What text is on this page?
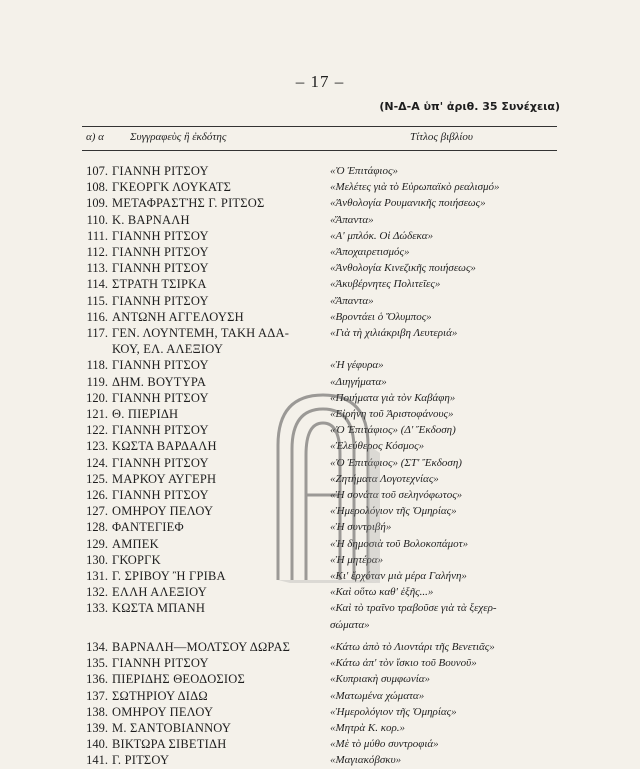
– 17 –
(N-Δ-A ὑπ' ἀριθ. 35 Συνέχεια)
α) α Συγγραφεὺς ἢ ἐκδότης	Τίτλος βιβλίου
107. ΓΙΑΝΝΗ ΡΙΤΣΟΥ	«Ὁ Ἐπιτάφιος»
108. ΓΚΕΟΡΓΚ ΛΟΥΚΑΤΣ	«Μελέτες γιὰ τὸ Εὐρωπαϊκὸ ρεαλισμό»
109. ΜΕΤΑΦΡΑΣΤῊΣ Γ. ΡΙΤΣΟΣ	«Ἀνθολογία Ρουμανικῆς ποιήσεως»
110. Κ. ΒΑΡΝΑΛΗ	«Ἅπαντα»
111. ΓΙΑΝΝΗ ΡΙΤΣΟΥ	«Α' μπλόκ. Οἱ Δώδεκα»
112. ΓΙΑΝΝΗ ΡΙΤΣΟΥ	«Ἀποχαιρετισμός»
113. ΓΙΑΝΝΗ ΡΙΤΣΟΥ	«Ἀνθολογία Κινεζικῆς ποιήσεως»
114. ΣΤΡΑΤΗ ΤΣΙΡΚΑ	«Ἀκυβέρνητες Πολιτεῖες»
115. ΓΙΑΝΝΗ ΡΙΤΣΟΥ	«Ἅπαντα»
116. ΑΝΤΩΝΗ ΑΓΓΕΛΟΥΣΗ	«Βροντάει ὁ Ὄλυμπος»
117. ΓΕΝ. ΛΟΥΝΤΕΜΗ, ΤΑΚΗ ΑΔΑ-	«Γιὰ τὴ χιλιάκριβη Λευτεριά»
ΚΟΥ, ΕΛ. ΑΛΕΞΙΟΥ
118. ΓΙΑΝΝΗ ΡΙΤΣΟΥ	«Ἡ γέφυρα»
119. ΔΗΜ. ΒΟΥΤΥΡΑ	«Διηγήματα»
120. ΓΙΑΝΝΗ ΡΙΤΣΟΥ	«Ποιήματα γιὰ τὸν Καβάφη»
121. Θ. ΠΙΕΡΙΔΗ	«Εἰρήνη τοῦ Ἀριστοφάνους»
122. ΓΙΑΝΝΗ ΡΙΤΣΟΥ	«Ὁ Ἐπιτάφιος» (Δ' Ἔκδοση)
123. ΚΩΣΤΑ ΒΑΡΔΑΛΗ	«Ἐλεύθερος Κόσμος»
124. ΓΙΑΝΝΗ ΡΙΤΣΟΥ	«Ὁ Ἐπιτάφιος» (ΣΤ' Ἔκδοση)
125. ΜΑΡΚΟΥ ΑΥΓΕΡΗ	«Ζητήματα Λογοτεχνίας»
126. ΓΙΑΝΝΗ ΡΙΤΣΟΥ	«Ἡ σονάτα τοῦ σεληνόφωτος»
127. ΟΜΗΡΟΥ ΠΕΛΟΥ	«Ἡμερολόγιον τῆς Ὀμηρίας»
128. ΦΑΝΤΕΓΙΕΦ	«Ἡ συντριβή»
129. ΑΜΠΕΚ	«Ἡ δημοσιὰ τοῦ Βολοκοπάμοτ»
130. ΓΚΟΡΓΚ	«Ἡ μητέρα»
131. Γ. ΣΡΙΒΟΥ Ἢ ΓΡΙΒΑ	«Κι' ἔρχόταν μιὰ μέρα Γαλήνη»
132. ΕΛΛΗ ΑΛΕΞΙΟΥ	«Καὶ οὕτω καθ' ἑξῆς...»
133. ΚΩΣΤΑ ΜΠΑΝΗ	«Καὶ τὸ τραῖνο τραβοῦσε γιὰ τὰ ξεχερ-
σώματα»
134. ΒΑΡΝΑΛΗ—ΜΟΛΤΣΟΥ ΔΩΡΑΣ	«Κάτω ἀπὸ τὸ Λιοντάρι τῆς Βενετιᾶς»
135. ΓΙΑΝΝΗ ΡΙΤΣΟΥ	«Κάτω ἀπ' τὸν ἴσκιο τοῦ Βουνοῦ»
136. ΠΙΕΡΙΔΗΣ ΘΕΟΔΟΣΙΟΣ	«Κυπριακὴ συμφωνία»
137. ΣΩΤΗΡΙΟΥ ΔΙΔΩ	«Ματωμένα χώματα»
138. ΟΜΗΡΟΥ ΠΕΛΟΥ	«Ἡμερολόγιον τῆς Ὀμηρίας»
139. Μ. ΣΑΝΤΟΒΙΑΝΝΟΥ	«Μητρὰ Κ. κορ.»
140. ΒΙΚΤΩΡΑ ΣΙΒΕΤΙΔΗ	«Μὲ τὸ μύθο συντροφιά»
141. Γ. ΡΙΤΣΟΥ	«Μαγιακόβσκυ»
